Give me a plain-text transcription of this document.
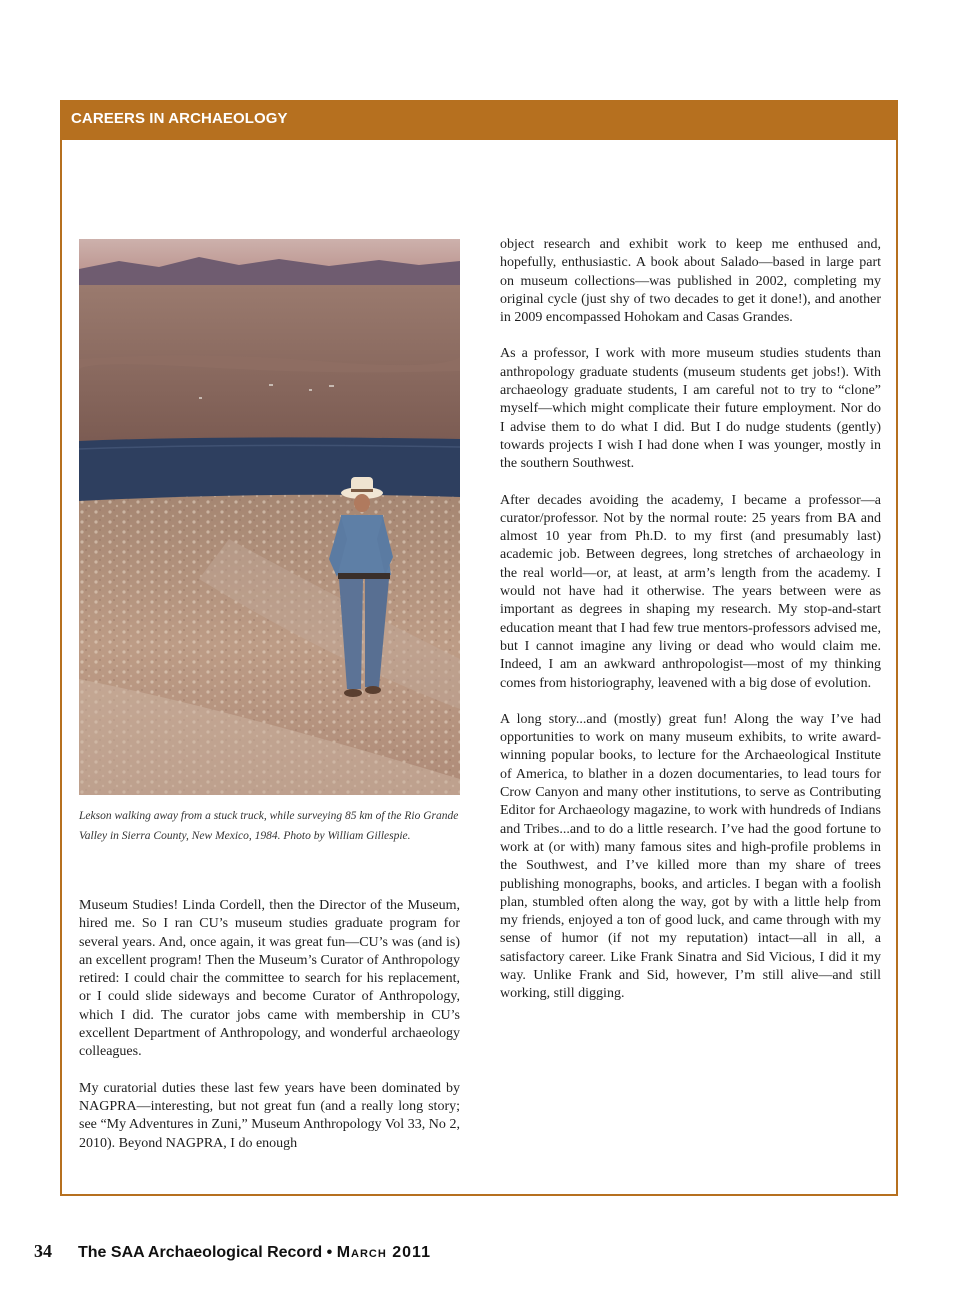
CAREERS IN ARCHAEOLOGY
Lekson walking away from a stuck truck, while surveying 85 km of the Rio Grande Valley in Sierra County, New Mexico, 1984. Photo by William Gillespie.

Museum Studies! Linda Cordell, then the Director of the Museum, hired me. So I ran CU’s museum studies graduate program for several years. And, once again, it was great fun—CU’s was (and is) an excellent program! Then the Museum’s Curator of Anthropology retired: I could chair the committee to search for his replacement, or I could slide sideways and become Curator of Anthropology, which I did. The curator jobs came with membership in CU’s excellent Department of Anthropology, and wonderful archaeology colleagues.

My curatorial duties these last few years have been dominated by NAGPRA—interesting, but not great fun (and a really long story; see “My Adventures in Zuni,” Museum Anthropology Vol 33, No 2, 2010). Beyond NAGPRA, I do enough

object research and exhibit work to keep me enthused and, hopefully, enthusiastic. A book about Salado—based in large part on museum collections—was published in 2002, completing my original cycle (just shy of two decades to get it done!), and another in 2009 encompassed Hohokam and Casas Grandes.

As a professor, I work with more museum studies students than anthropology graduate students (museum students get jobs!). With archaeology graduate students, I am careful not to try to “clone” myself—which might complicate their future employment. Nor do I advise them to do what I did. But I do nudge students (gently) towards projects I wish I had done when I was younger, mostly in the southern Southwest.

After decades avoiding the academy, I became a professor—a curator/professor. Not by the normal route: 25 years from BA and almost 10 year from Ph.D. to my first (and presumably last) academic job. Between degrees, long stretches of archaeology in the real world—or, at least, at arm’s length from the academy. I would not have had it otherwise. The years between were as important as degrees in shaping my research. My stop-and-start education meant that I had few true mentors-professors advised me, but I cannot imagine any living or dead who would claim me. Indeed, I am an awkward anthropologist—most of my thinking comes from historiography, leavened with a big dose of evolution.

A long story...and (mostly) great fun! Along the way I’ve had opportunities to work on many museum exhibits, to write award-winning popular books, to lecture for the Archaeological Institute of America, to blather in a dozen documentaries, to lead tours for Crow Canyon and many other institutions, to serve as Contributing Editor for Archaeology magazine, to work with hundreds of Indians and Tribes...and to do a little research. I’ve had the good fortune to work at (or with) many famous sites and high-profile problems in the Southwest, and I’ve killed more than my share of trees publishing monographs, books, and articles. I began with a foolish plan, stumbled often along the way, got by with a little help from my friends, enjoyed a ton of good luck, and came through with my sense of humor (if not my reputation) intact—all in all, a satisfactory career. Like Frank Sinatra and Sid Vicious, I did it my way. Unlike Frank and Sid, however, I’m still alive—and still working, still digging.

34 The SAA Archaeological Record • March 2011
